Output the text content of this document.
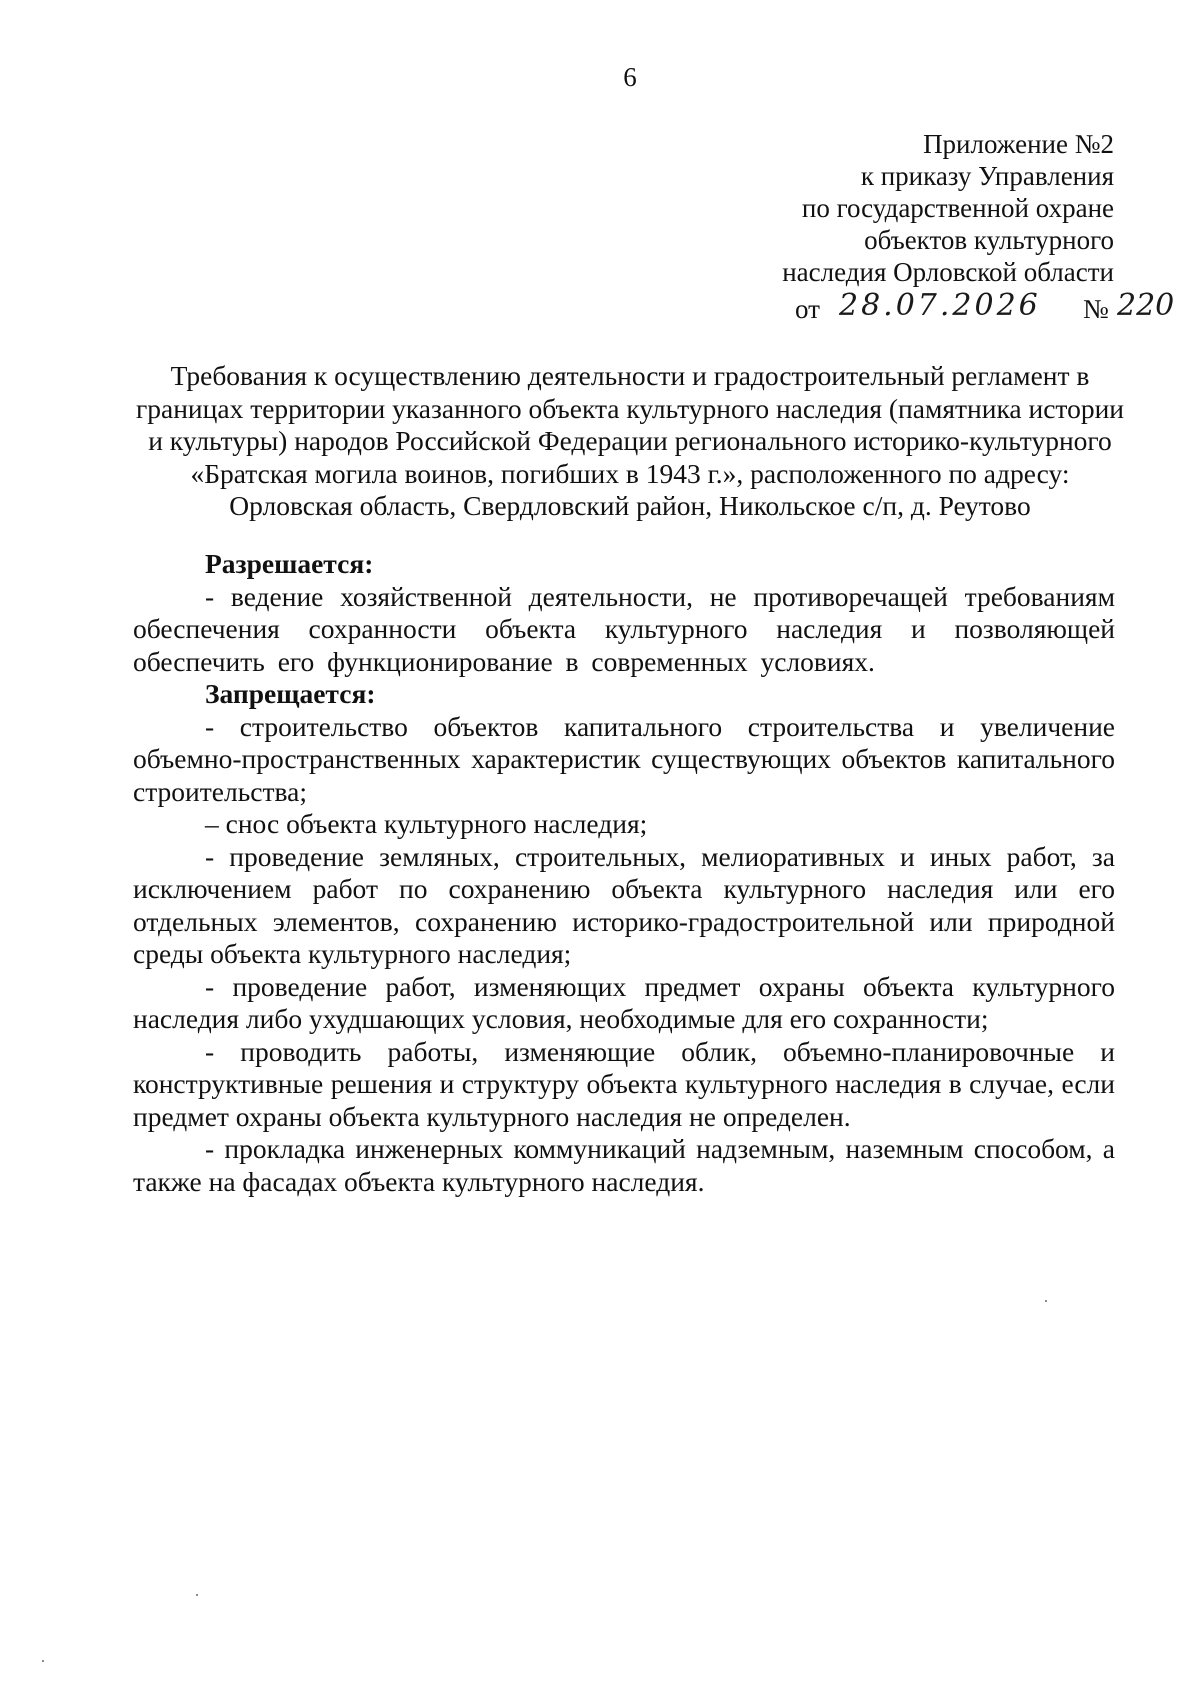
6
Приложение №2
к приказу Управления
по государственной охране
объектов культурного
наследия Орловской области
от 28.07.2026 № 220
Требования к осуществлению деятельности и градостроительный регламент в границах территории указанного объекта культурного наследия (памятника истории и культуры) народов Российской Федерации регионального историко-культурного «Братская могила воинов, погибших в 1943 г.», расположенного по адресу: Орловская область, Свердловский район, Никольское с/п, д. Реутово
Разрешается:

- ведение хозяйственной деятельности, не противоречащей требованиям обеспечения сохранности объекта культурного наследия и позволяющей обеспечить его функционирование в современных условиях.

Запрещается:

- строительство объектов капитального строительства и увеличение объемно-пространственных характеристик существующих объектов капитального строительства;

– снос объекта культурного наследия;

- проведение земляных, строительных, мелиоративных и иных работ, за исключением работ по сохранению объекта культурного наследия или его отдельных элементов, сохранению историко-градостроительной или природной среды объекта культурного наследия;

- проведение работ, изменяющих предмет охраны объекта культурного наследия либо ухудшающих условия, необходимые для его сохранности;

- проводить работы, изменяющие облик, объемно-планировочные и конструктивные решения и структуру объекта культурного наследия в случае, если предмет охраны объекта культурного наследия не определен.

- прокладка инженерных коммуникаций надземным, наземным способом, а также на фасадах объекта культурного наследия.
